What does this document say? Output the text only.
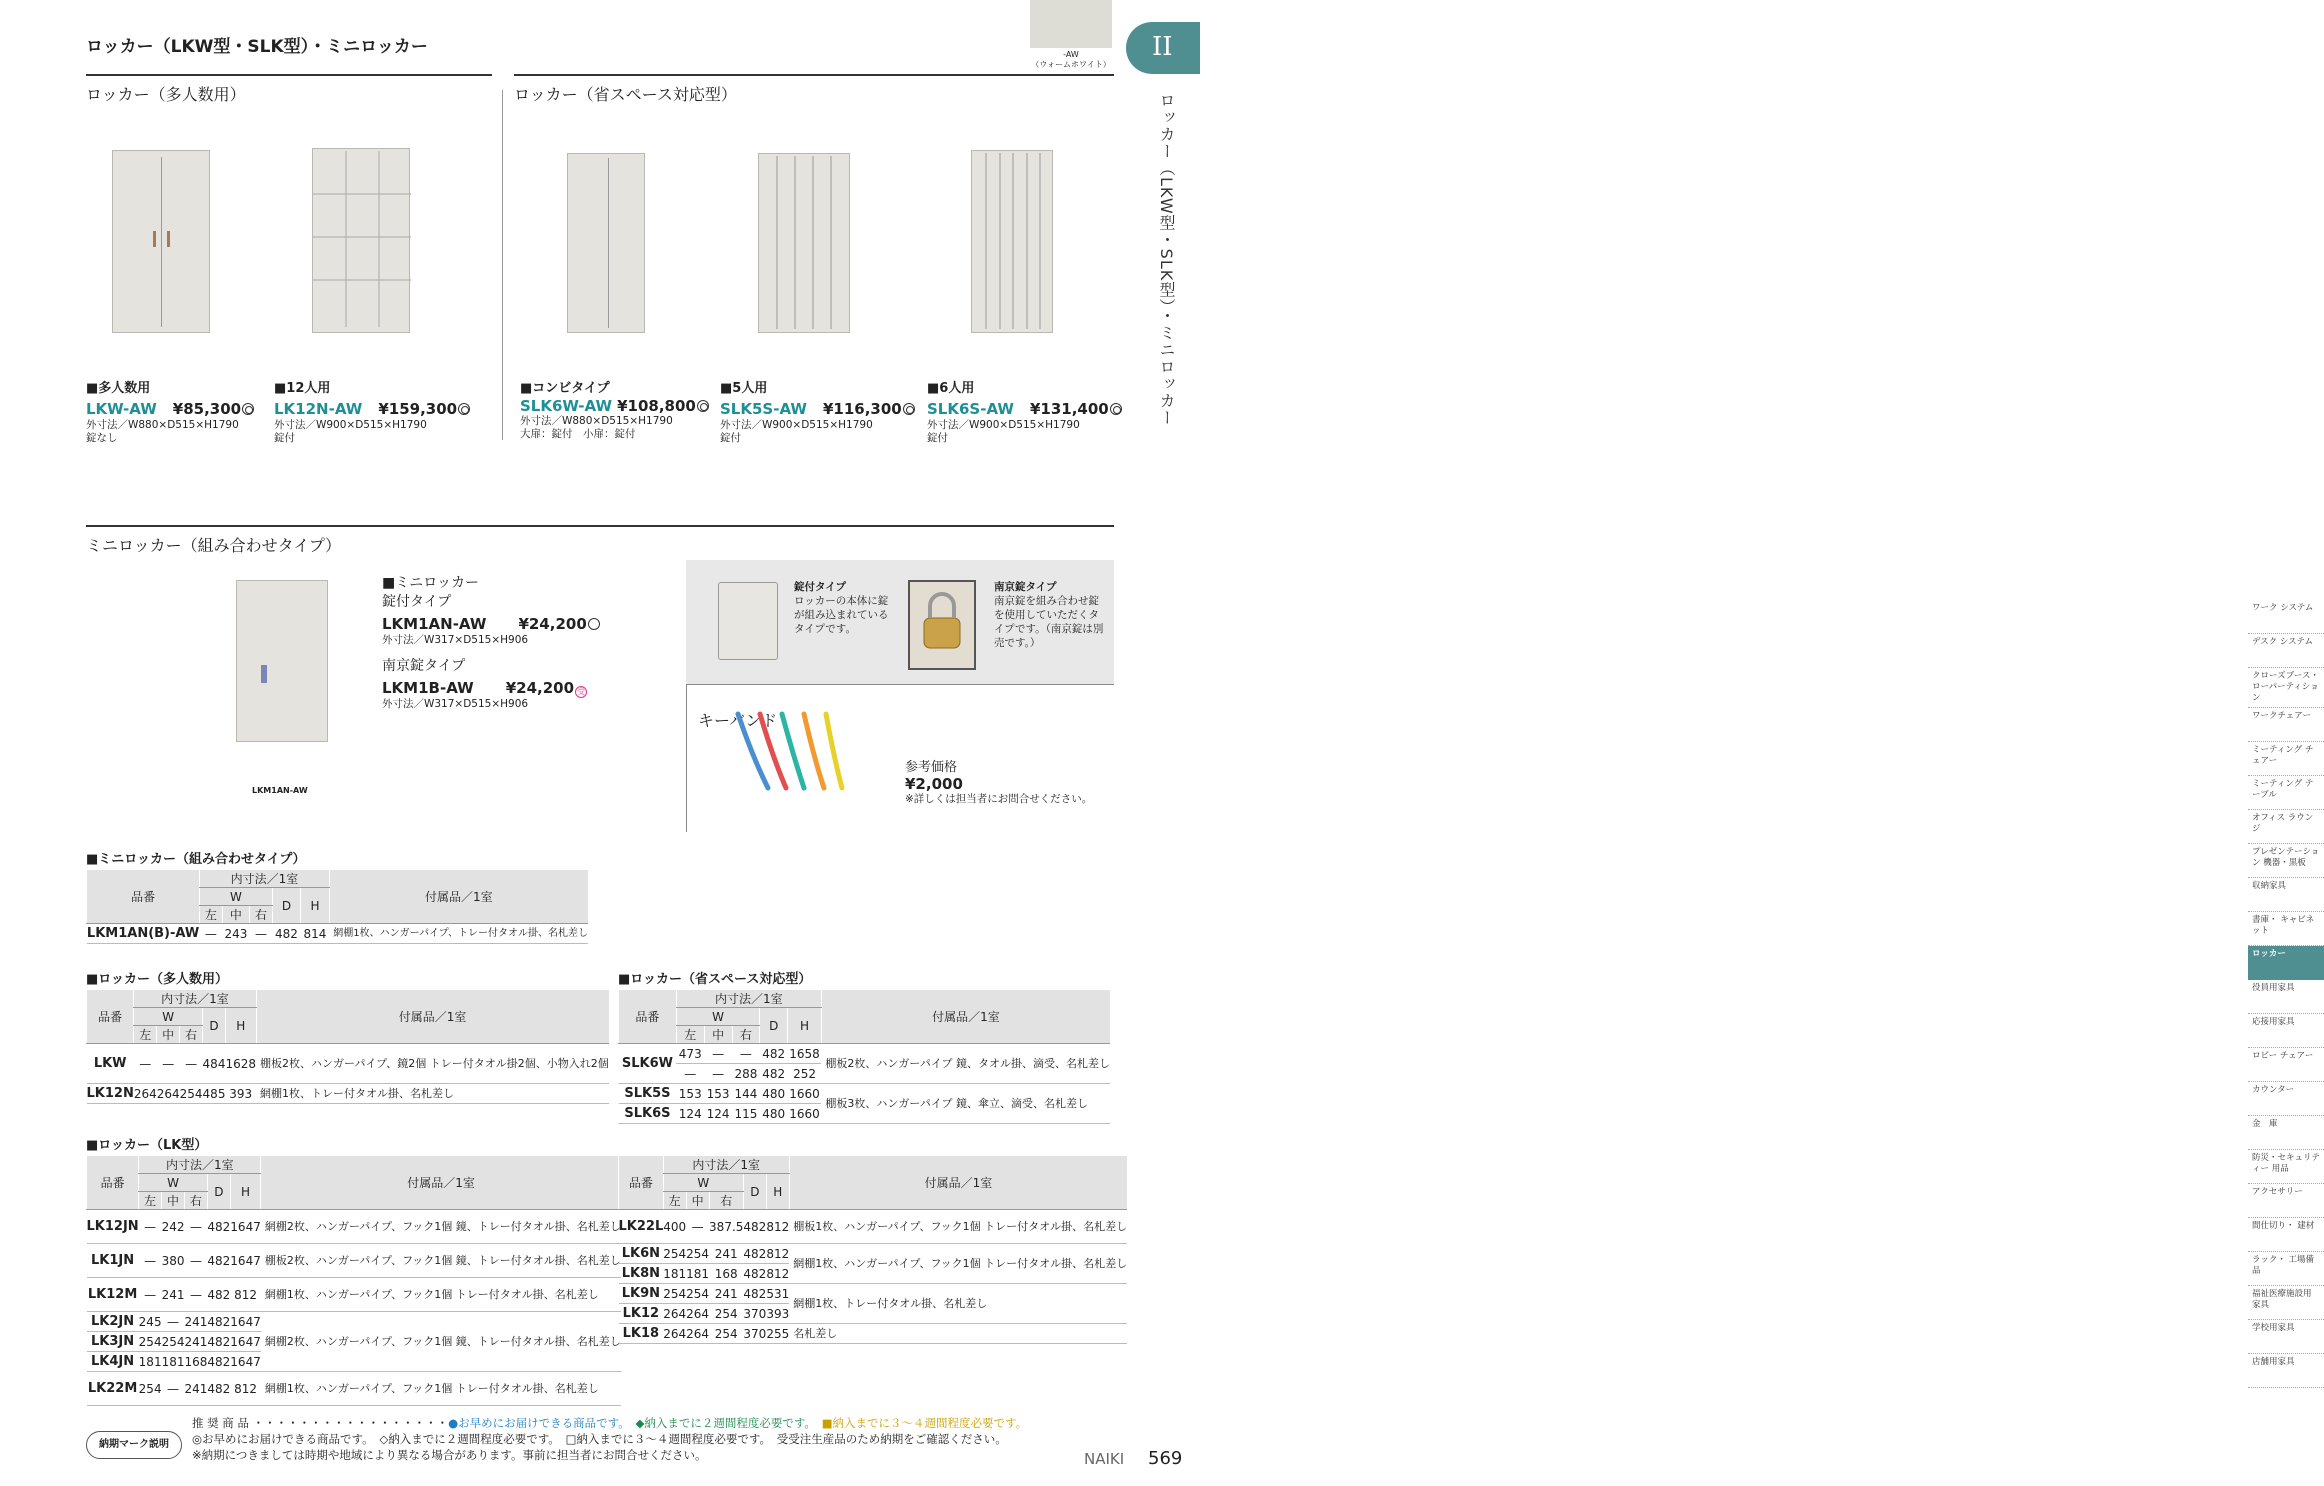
ロッカー（LKW型・SLK型）・ミニロッカー	-AW
（ウォームホワイト）
II
ロッカー（LKW型・SLK型）・ミニロッカー
ロッカー（多人数用）	ロッカー（省スペース対応型）
■多人数用
LKW-AW　 ¥85,300
外寸法／W880×D515×H1790
錠なし
■12人用
LK12N-AW　 ¥159,300
外寸法／W900×D515×H1790
錠付
■コンビタイプ
SLK6W-AW ¥108,800
外寸法／W880×D515×H1790
大扉：錠付　小扉：錠付
■5人用
SLK5S-AW　 ¥116,300
外寸法／W900×D515×H1790
錠付
■6人用
SLK6S-AW　 ¥131,400
外寸法／W900×D515×H1790
錠付
ミニロッカー（組み合わせタイプ）
LKM1AN-AW
■ミニロッカー
錠付タイプ
LKM1AN-AW　　 ¥24,200
外寸法／W317×D515×H906
南京錠タイプ
LKM1B-AW　　 ¥24,200 受
外寸法／W317×D515×H906
錠付タイプ
ロッカーの本体に錠が組み込まれているタイプです。
南京錠タイプ
南京錠を組み合わせ錠を使用していただくタイプです。（南京錠は別売です。）
キーバンド
参考価格
¥2,000
※詳しくは担当者にお問合せください。
■ミニロッカー（組み合わせタイプ）
品番	内寸法／1室					付属品／1室
	W			D	H	
	左	中	右			
LKM1AN(B)-AW	—	243	—	482	814	網棚1枚、ハンガーパイプ、トレー付タオル掛、名札差し
■ロッカー（多人数用）
品番	内寸法／1室					付属品／1室
	W			D	H	
	左	中	右			
LKW	—	—	—	484	1628	棚板2枚、ハンガーパイプ、鏡2個 トレー付タオル掛2個、小物入れ2個
LK12N	264	264	254	485	393	網棚1枚、トレー付タオル掛、名札差し
■ロッカー（省スペース対応型）
品番	内寸法／1室					付属品／1室
	W			D	H	
	左	中	右			
SLK6W	473	—	—	482	1658	棚板2枚、ハンガーパイプ 鏡、タオル掛、滴受、名札差し
	—	—	288	482	252	
SLK5S	153	153	144	480	1660	棚板3枚、ハンガーパイプ 鏡、傘立、滴受、名札差し
SLK6S	124	124	115	480	1660	
■ロッカー（LK型）
品番	内寸法／1室					付属品／1室
	W			D	H	
	左	中	右			
LK12JN	—	242	—	482	1647	網棚2枚、ハンガーパイプ、フック1個 鏡、トレー付タオル掛、名札差し
LK1JN	—	380	—	482	1647	棚板2枚、ハンガーパイプ、フック1個 鏡、トレー付タオル掛、名札差し
LK12M	—	241	—	482	812	網棚1枚、ハンガーパイプ、フック1個 トレー付タオル掛、名札差し
LK2JN	245	—	241	482	1647	網棚2枚、ハンガーパイプ、フック1個 鏡、トレー付タオル掛、名札差し
LK3JN	254	254	241	482	1647	
LK4JN	181	181	168	482	1647	
LK22M	254	—	241	482	812	網棚1枚、ハンガーパイプ、フック1個 トレー付タオル掛、名札差し
品番	内寸法／1室					付属品／1室
	W			D	H	
	左	中	右			
LK22L	400	—	387.5	482	812	棚板1枚、ハンガーパイプ、フック1個 トレー付タオル掛、名札差し
LK6N	254	254	241	482	812	網棚1枚、ハンガーパイプ、フック1個 トレー付タオル掛、名札差し
LK8N	181	181	168	482	812	
LK9N	254	254	241	482	531	網棚1枚、トレー付タオル掛、名札差し
LK12	264	264	254	370	393	
LK18	264	264	254	370	255	名札差し
ワーク システム
デスク システム
クローズブース・ ローパーティション
ワークチェアー
ミーティング チェアー
ミーティング テーブル
オフィス ラウンジ
プレゼンテーション 機器・黒板
収納家具
書庫・ キャビネット
ロッカー
役員用家具
応接用家具
ロビー チェアー
カウンター
金　庫
防災・セキュリティー 用品
アクセサリー
間仕切り・ 建材
ラック・ 工場備品
福祉医療施設用 家具
学校用家具
店舗用家具
納期マーク説明
推 奨 商 品 ・・・・・・・・・・・・・・・・・●お早めにお届けできる商品です。　 ◆納入までに２週間程度必要です。　 ■納入までに３〜４週間程度必要です。
◎お早めにお届けできる商品です。　 ◇納入までに２週間程度必要です。　 □納入までに３〜４週間程度必要です。　 受受注生産品のため納期をご確認ください。
※納期につきましては時期や地域により異なる場合があります。事前に担当者にお問合せください。	NAIKI 569
